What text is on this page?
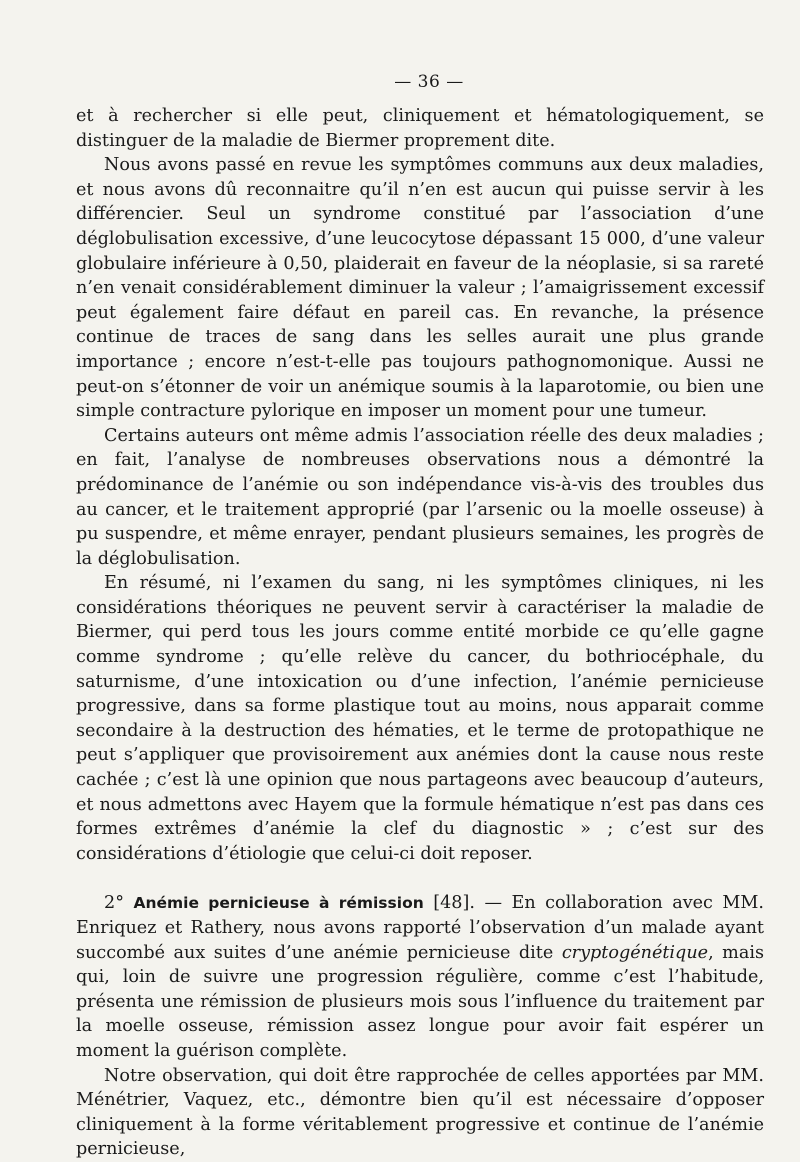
— 36 —

et à rechercher si elle peut, cliniquement et hématologiquement, se distinguer de la maladie de Biermer proprement dite.

Nous avons passé en revue les symptômes communs aux deux maladies, et nous avons dû reconnaitre qu’il n’en est aucun qui puisse servir à les différencier. Seul un syndrome constitué par l’association d’une déglobulisation excessive, d’une leucocytose dépassant 15 000, d’une valeur globulaire inférieure à 0,50, plaiderait en faveur de la néoplasie, si sa rareté n’en venait considérablement diminuer la valeur ; l’amaigrissement excessif peut également faire défaut en pareil cas. En revanche, la présence continue de traces de sang dans les selles aurait une plus grande importance ; encore n’est-t-elle pas toujours pathognomonique. Aussi ne peut-on s’étonner de voir un anémique soumis à la laparotomie, ou bien une simple contracture pylorique en imposer un moment pour une tumeur.

Certains auteurs ont même admis l’association réelle des deux maladies ; en fait, l’analyse de nombreuses observations nous a démontré la prédominance de l’anémie ou son indépendance vis-à-vis des troubles dus au cancer, et le traitement approprié (par l’arsenic ou la moelle osseuse) à pu suspendre, et même enrayer, pendant plusieurs semaines, les progrès de la déglobulisation.

En résumé, ni l’examen du sang, ni les symptômes cliniques, ni les considérations théoriques ne peuvent servir à caractériser la maladie de Biermer, qui perd tous les jours comme entité morbide ce qu’elle gagne comme syndrome ; qu’elle relève du cancer, du bothriocéphale, du saturnisme, d’une intoxication ou d’une infection, l’anémie pernicieuse progressive, dans sa forme plastique tout au moins, nous apparait comme secondaire à la destruction des hématies, et le terme de protopathique ne peut s’appliquer que provisoirement aux anémies dont la cause nous reste cachée ; c’est là une opinion que nous partageons avec beaucoup d’auteurs, et nous admettons avec Hayem que la formule hématique n’est pas dans ces formes extrêmes d’anémie la clef du diagnostic » ; c’est sur des considérations d’étiologie que celui-ci doit reposer.

2° Anémie pernicieuse à rémission [48]. — En collaboration avec MM. Enriquez et Rathery, nous avons rapporté l’observation d’un malade ayant succombé aux suites d’une anémie pernicieuse dite cryptogénétique, mais qui, loin de suivre une progression régulière, comme c’est l’habitude, présenta une rémission de plusieurs mois sous l’influence du traitement par la moelle osseuse, rémission assez longue pour avoir fait espérer un moment la guérison complète.

Notre observation, qui doit être rapprochée de celles apportées par MM. Ménétrier, Vaquez, etc., démontre bien qu’il est nécessaire d’opposer cliniquement à la forme véritablement progressive et continue de l’anémie pernicieuse,
